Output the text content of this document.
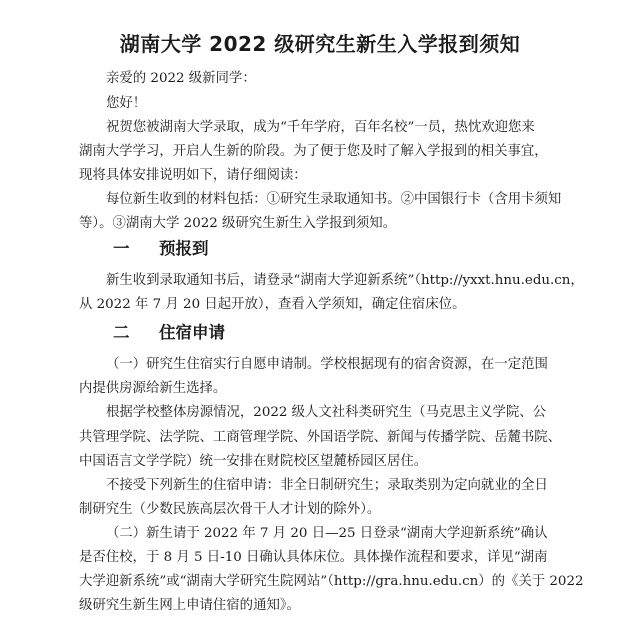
湖南大学 2022 级研究生新生入学报到须知
亲爱的 2022 级新同学：
您好！
祝贺您被湖南大学录取，成为“千年学府，百年名校”一员，热忱欢迎您来
湖南大学学习，开启人生新的阶段。为了便于您及时了解入学报到的相关事宜，
现将具体安排说明如下，请仔细阅读：
每位新生收到的材料包括：①研究生录取通知书。②中国银行卡（含用卡须知
等）。③湖南大学 2022 级研究生新生入学报到须知。
一 预报到
新生收到录取通知书后，请登录“湖南大学迎新系统”（http://yxxt.hnu.edu.cn，
从 2022 年 7 月 20 日起开放），查看入学须知，确定住宿床位。
二 住宿申请
（一）研究生住宿实行自愿申请制。学校根据现有的宿舍资源，在一定范围
内提供房源给新生选择。
根据学校整体房源情况，2022 级人文社科类研究生（马克思主义学院、公
共管理学院、法学院、工商管理学院、外国语学院、新闻与传播学院、岳麓书院、
中国语言文学学院）统一安排在财院校区望麓桥园区居住。
不接受下列新生的住宿申请：非全日制研究生；录取类别为定向就业的全日
制研究生（少数民族高层次骨干人才计划的除外）。
（二）新生请于 2022 年 7 月 20 日—25 日登录“湖南大学迎新系统”确认
是否住校，于 8 月 5 日-10 日确认具体床位。具体操作流程和要求，详见“湖南
大学迎新系统”或“湖南大学研究生院网站”（http://gra.hnu.edu.cn）的《关于 2022
级研究生新生网上申请住宿的通知》。
